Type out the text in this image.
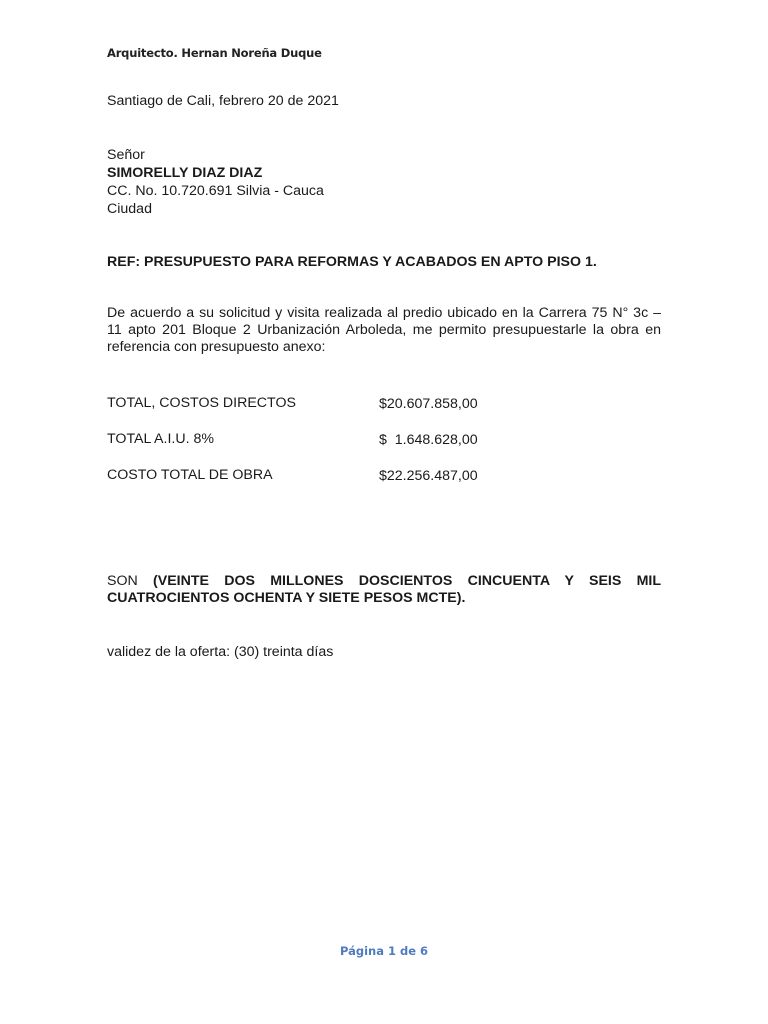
Arquitecto. Hernan Noreña Duque
Santiago de Cali, febrero 20 de 2021
Señor
SIMORELLY DIAZ DIAZ
CC. No. 10.720.691 Silvia - Cauca
Ciudad
REF: PRESUPUESTO PARA REFORMAS Y ACABADOS EN APTO PISO 1.
De acuerdo a su solicitud y visita realizada al predio ubicado en la Carrera 75 N° 3c – 11 apto 201 Bloque 2 Urbanización Arboleda, me permito presupuestarle la obra en referencia con presupuesto anexo:
TOTAL, COSTOS DIRECTOS	$20.607.858,00
TOTAL A.I.U. 8%	$  1.648.628,00
COSTO TOTAL DE OBRA	$22.256.487,00
SON (VEINTE DOS MILLONES DOSCIENTOS CINCUENTA Y SEIS MIL CUATROCIENTOS OCHENTA Y SIETE PESOS MCTE).
validez de la oferta: (30) treinta días
Página 1 de 6
